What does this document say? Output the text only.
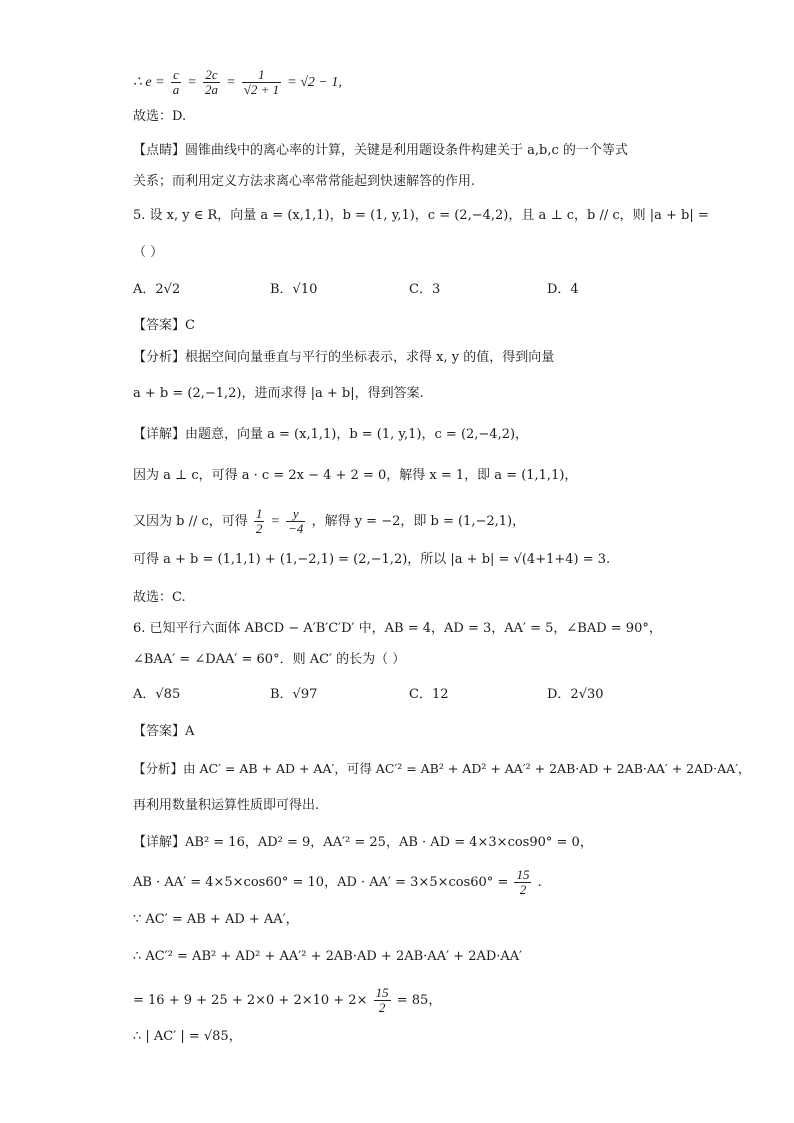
∴ $e = \frac{c}{a} = \frac{2c}{2a} = \frac{1}{√2 + 1} = √2 - 1$,
故选：D.
【点睛】圆锥曲线中的离心率的计算，关键是利用题设条件构建关于 a,b,c 的一个等式
关系；而利用定义方法求离心率常常能起到快速解答的作用.
5. 设 x, y ∈ R，向量 a = (x,1,1)，b = (1, y,1)，c = (2,−4,2)，且 a ⊥ c，b // c，则 |a + b| =
（ ）
A．2√2	B．√10	C．3	D．4
【答案】C
【分析】根据空间向量垂直与平行的坐标表示，求得 x, y 的值，得到向量
a + b = (2,−1,2)，进而求得 |a + b|，得到答案.
【详解】由题意，向量 a = (x,1,1)，b = (1, y,1)，c = (2,−4,2)，
因为 a ⊥ c，可得 a · c = 2x − 4 + 2 = 0，解得 x = 1，即 a = (1,1,1)，
又因为 b // c，可得 $\frac{1}{2} = \frac{y}{-4}$ ，解得 y = −2，即 b = (1,−2,1)，
可得 a + b = (1,1,1) + (1,−2,1) = (2,−1,2)，所以 |a + b| = √(4+1+4) = 3.
故选：C.
6. 已知平行六面体 ABCD − A′B′C′D′ 中，AB = 4，AD = 3，AA′ = 5，∠BAD = 90°，
∠BAA′ = ∠DAA′ = 60°．则 AC′ 的长为（ ）
A．√85	B．√97	C．12	D．2√30
【答案】A
【分析】由 AC′ = AB + AD + AA′，可得 AC′² = AB² + AD² + AA′² + 2AB·AD + 2AB·AA′ + 2AD·AA′，
再利用数量积运算性质即可得出.
【详解】AB² = 16，AD² = 9，AA′² = 25，AB · AD = 4×3×cos90° = 0，
AB · AA′ = 4×5×cos60° = 10，AD · $AA' = 3\times 5\times\cos 60^\circ = \frac{15}{2}$ .
∵ AC′ = AB + AD + AA′，
∴ AC′² = AB² + AD² + AA′² + 2AB·AD + 2AB·AA′ + 2AD·AA′
= $16 + 9 + 25 + 2\times 0 + 2\times 10 + 2\times \frac{15}{2} = 85$，
∴ | AC′ | = √85，
